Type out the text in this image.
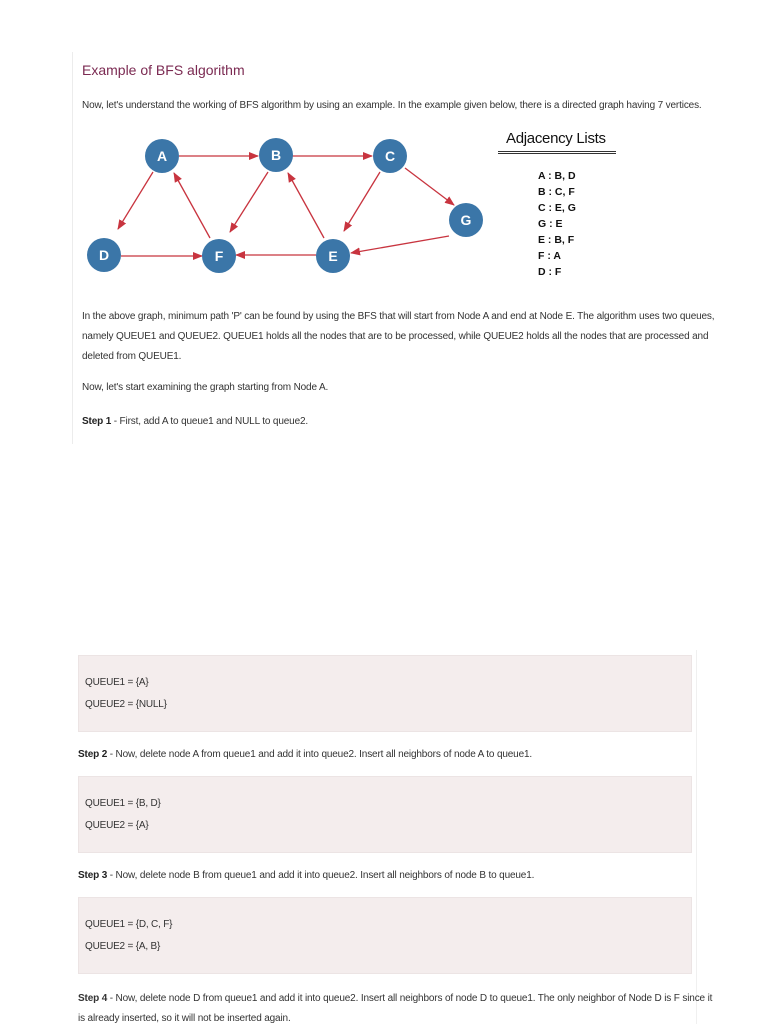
Example of BFS algorithm
Now, let's understand the working of BFS algorithm by using an example. In the example given below, there is a directed graph having 7 vertices.
A	B	C
D	E
F
G
Adjacency Lists
A : B, D
B : C, F
C : E, G
G : E
E : B, F
F : A
D : F
In the above graph, minimum path 'P' can be found by using the BFS that will start from Node A and end at Node E. The algorithm uses two queues, namely QUEUE1 and QUEUE2. QUEUE1 holds all the nodes that are to be processed, while QUEUE2 holds all the nodes that are processed and deleted from QUEUE1.
Now, let's start examining the graph starting from Node A.
Step 1 - First, add A to queue1 and NULL to queue2.
QUEUE1 = {A}
QUEUE2 = {NULL}
Step 2 - Now, delete node A from queue1 and add it into queue2. Insert all neighbors of node A to queue1.
QUEUE1 = {B, D}
QUEUE2 = {A}
Step 3 - Now, delete node B from queue1 and add it into queue2. Insert all neighbors of node B to queue1.
QUEUE1 = {D, C, F}
QUEUE2 = {A, B}
Step 4 - Now, delete node D from queue1 and add it into queue2. Insert all neighbors of node D to queue1. The only neighbor of Node D is F since it is already inserted, so it will not be inserted again.
